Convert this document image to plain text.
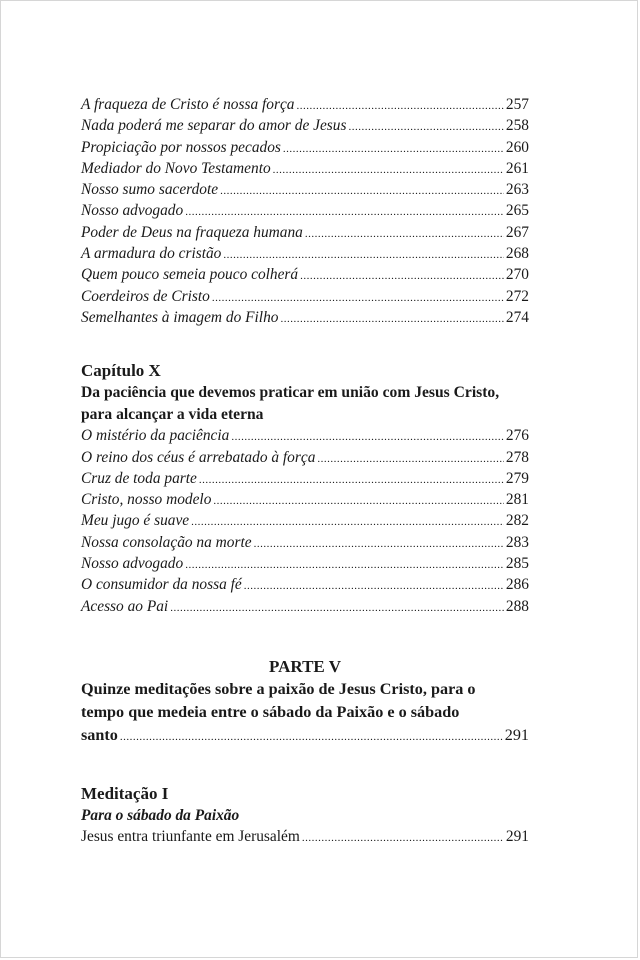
A fraqueza de Cristo é nossa força .....	257
Nada poderá me separar do amor de Jesus .....	258
Propiciação por nossos pecados .....	260
Mediador do Novo Testamento .....	261
Nosso sumo sacerdote .....	263
Nosso advogado .....	265
Poder de Deus na fraqueza humana .....	267
A armadura do cristão .....	268
Quem pouco semeia pouco colherá .....	270
Coerdeiros de Cristo .....	272
Semelhantes à imagem do Filho .....	274
Capítulo X
Da paciência que devemos praticar em união com Jesus Cristo,
para alcançar a vida eterna
O mistério da paciência .....	276
O reino dos céus é arrebatado à força .....	278
Cruz de toda parte .....	279
Cristo, nosso modelo .....	281
Meu jugo é suave .....	282
Nossa consolação na morte .....	283
Nosso advogado .....	285
O consumidor da nossa fé .....	286
Acesso ao Pai .....	288
PARTE V
Quinze meditações sobre a paixão de Jesus Cristo, para o
tempo que medeia entre o sábado da Paixão e o sábado
santo .....	291
Meditação I
Para o sábado da Paixão
Jesus entra triunfante em Jerusalém .....	291
